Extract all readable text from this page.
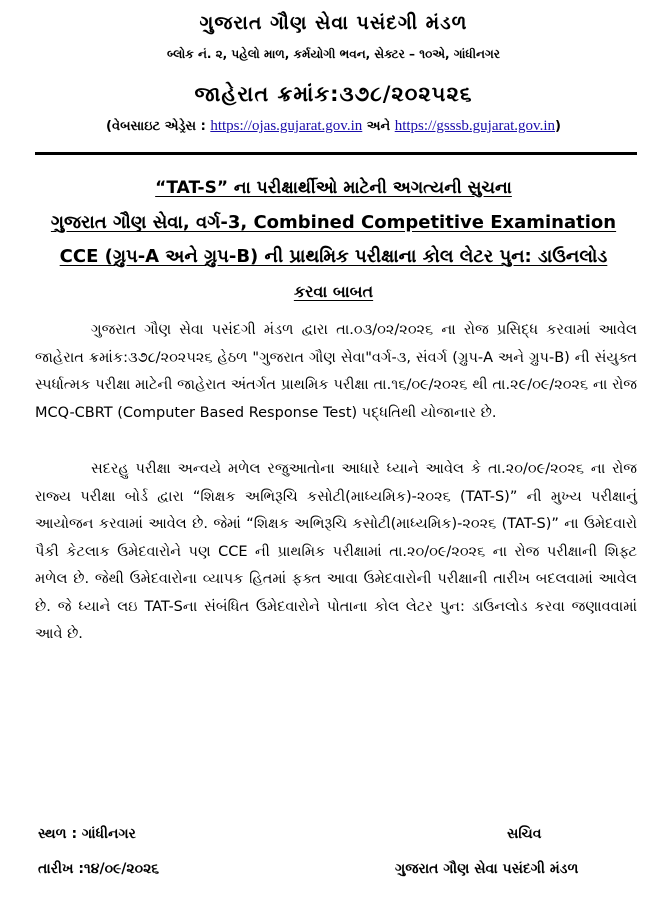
ગુજરાત ગૌણ સેવા પસંદગી મંડળ
બ્લોક નં. ૨, પહેલો માળ, કર્મયોગી ભવન, સેક્ટર – ૧૦એ, ગાંધીનગર
જાહેરાત ક્રમાંક:૩૭૮/૨૦૨૫૨૬
(વેબસાઇટ એડ્રેસ : https://ojas.gujarat.gov.in અને https://gsssb.gujarat.gov.in)
“TAT-S” ના પરીક્ષાર્થીઓ માટેની અગત્યની સુચના
ગુજરાત ગૌણ સેવા, વર્ગ-3, Combined Competitive Examination
CCE (ગ્રુપ-A અને ગ્રુપ-B) ની પ્રાથમિક પરીક્ષાના કોલ લેટર પુન: ડાઉનલોડ
કરવા બાબત
ગુજરાત ગૌણ સેવા પસંદગી મંડળ દ્વારા તા.૦૩/૦૨/૨૦૨૬ ના રોજ પ્રસિદ્ધ કરવામાં આવેલ જાહેરાત ક્રમાંક:૩૭૮/૨૦૨૫૨૬ હેઠળ "ગુજરાત ગૌણ સેવા"વર્ગ-૩, સંવર્ગ (ગ્રુપ-A અને ગ્રુપ-B) ની સંયુક્ત સ્પર્ધાત્મક પરીક્ષા માટેની જાહેરાત અંતર્ગત પ્રાથમિક પરીક્ષા તા.૧૬/૦૯/૨૦૨૬ થી તા.૨૯/૦૯/૨૦૨૬ ના રોજ MCQ-CBRT (Computer Based Response Test) પદ્ધતિથી યોજાનાર છે.
સદરહુ પરીક્ષા અન્વયે મળેલ રજુઆતોના આધારે ધ્યાને આવેલ કે તા.૨૦/૦૯/૨૦૨૬ ના રોજ રાજ્ય પરીક્ષા બોર્ડ દ્વારા “શિક્ષક અભિરૂચિ કસોટી(માધ્યમિક)-૨૦૨૬ (TAT-S)” ની મુખ્ય પરીક્ષાનું આયોજન કરવામાં આવેલ છે. જેમાં “શિક્ષક અભિરૂચિ કસોટી(માધ્યમિક)-૨૦૨૬ (TAT-S)” ના ઉમેદવારો પૈકી કેટલાક ઉમેદવારોને પણ CCE ની પ્રાથમિક પરીક્ષામાં તા.૨૦/૦૯/૨૦૨૬ ના રોજ પરીક્ષાની શિફ્ટ મળેલ છે. જેથી ઉમેદવારોના વ્યાપક હિતમાં ફક્ત આવા ઉમેદવારોની પરીક્ષાની તારીખ બદલવામાં આવેલ છે. જે ધ્યાને લઇ TAT-Sના સંબંધિત ઉમેદવારોને પોતાના કોલ લેટર પુન: ડાઉનલોડ કરવા જણાવવામાં આવે છે.
સ્થળ : ગાંધીનગર
તારીખ :૧૪/૦૯/૨૦૨૬
સચિવ
ગુજરાત ગૌણ સેવા પસંદગી મંડળ
